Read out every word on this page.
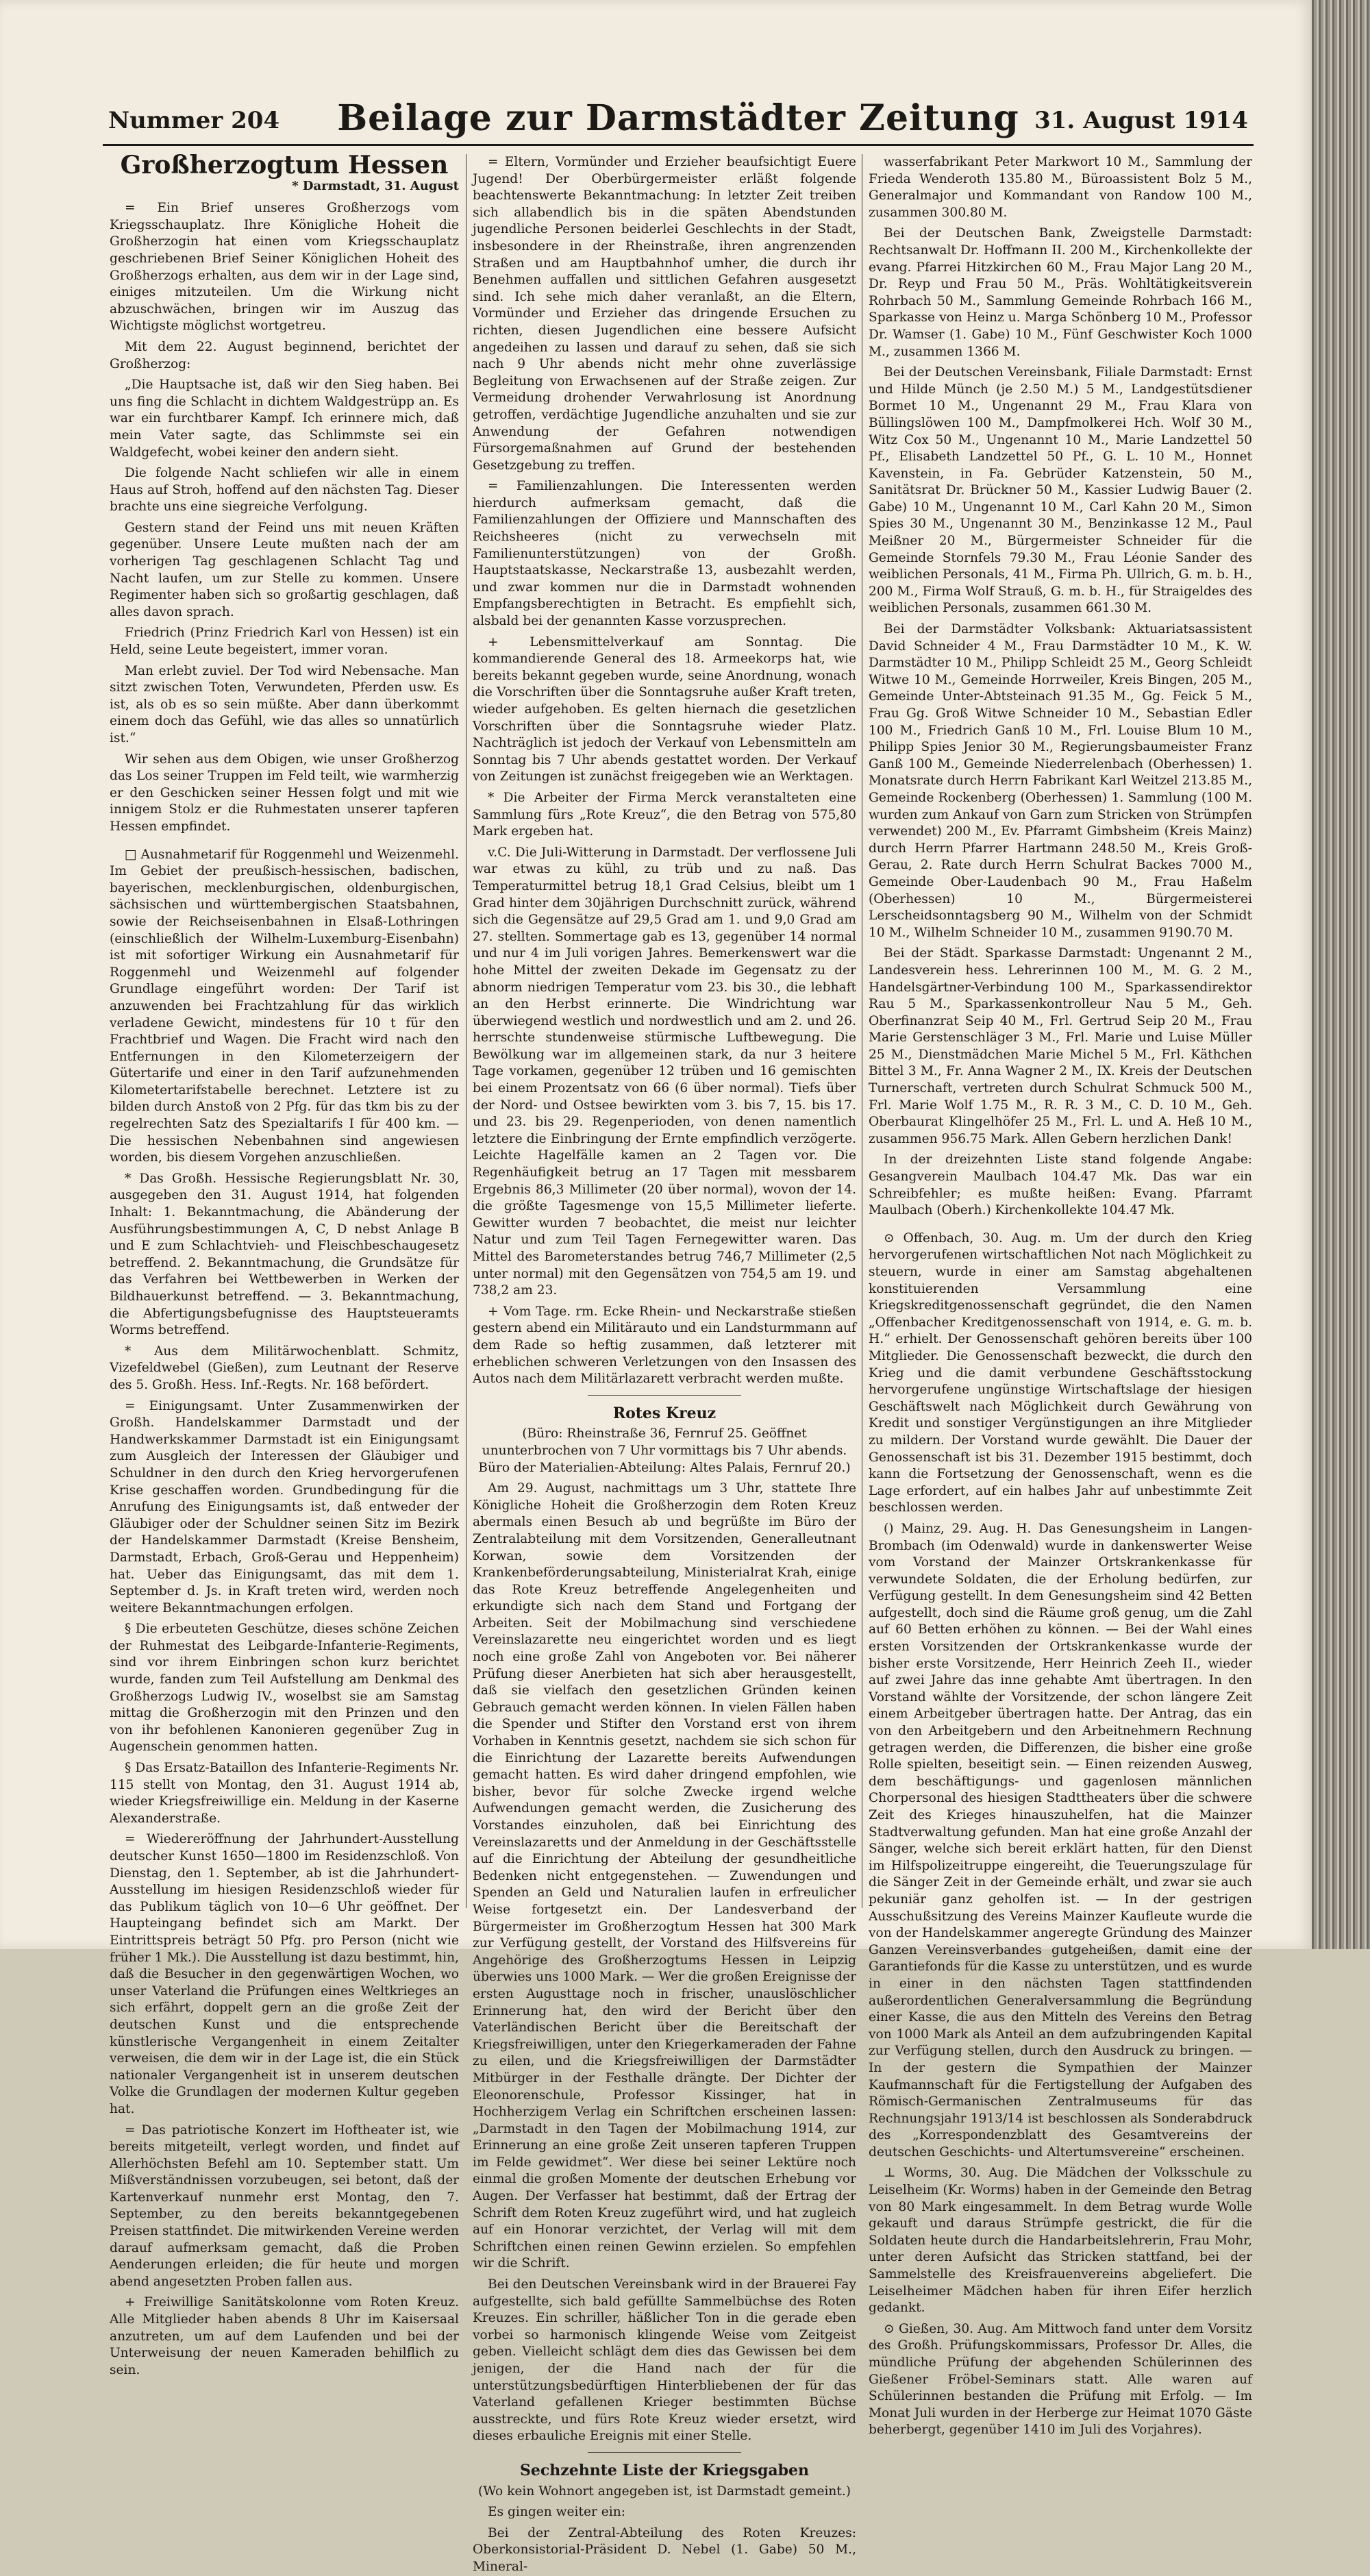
Nummer 204	Beilage zur Darmstädter Zeitung 31. August 1914
Großherzogtum Hessen
* Darmstadt, 31. August

= Ein Brief unseres Großherzogs vom Kriegsschauplatz. Ihre Königliche Hoheit die Großherzogin hat einen vom Kriegsschauplatz geschriebenen Brief Seiner Königlichen Hoheit des Großherzogs erhalten, aus dem wir in der Lage sind, einiges mitzuteilen. Um die Wirkung nicht abzuschwächen, bringen wir im Auszug das Wichtigste möglichst wortgetreu.

Mit dem 22. August beginnend, berichtet der Großherzog:

„Die Hauptsache ist, daß wir den Sieg haben. Bei uns fing die Schlacht in dichtem Waldgestrüpp an. Es war ein furchtbarer Kampf. Ich erinnere mich, daß mein Vater sagte, das Schlimmste sei ein Waldgefecht, wobei keiner den andern sieht.

Die folgende Nacht schliefen wir alle in einem Haus auf Stroh, hoffend auf den nächsten Tag. Dieser brachte uns eine siegreiche Verfolgung.

Gestern stand der Feind uns mit neuen Kräften gegenüber. Unsere Leute mußten nach der am vorherigen Tag geschlagenen Schlacht Tag und Nacht laufen, um zur Stelle zu kommen. Unsere Regimenter haben sich so großartig geschlagen, daß alles davon sprach.

Friedrich (Prinz Friedrich Karl von Hessen) ist ein Held, seine Leute begeistert, immer voran.

Man erlebt zuviel. Der Tod wird Nebensache. Man sitzt zwischen Toten, Verwundeten, Pferden usw. Es ist, als ob es so sein müßte. Aber dann überkommt einem doch das Gefühl, wie das alles so unnatürlich ist.“

Wir sehen aus dem Obigen, wie unser Großherzog das Los seiner Truppen im Feld teilt, wie warmherzig er den Geschicken seiner Hessen folgt und mit wie innigem Stolz er die Ruhmestaten unserer tapferen Hessen empfindet.

□ Ausnahmetarif für Roggenmehl und Weizenmehl. Im Gebiet der preußisch-hessischen, badischen, bayerischen, mecklenburgischen, oldenburgischen, sächsischen und württembergischen Staatsbahnen, sowie der Reichseisenbahnen in Elsaß-Lothringen (einschließlich der Wilhelm-Luxemburg-Eisenbahn) ist mit sofortiger Wirkung ein Ausnahmetarif für Roggenmehl und Weizenmehl auf folgender Grundlage eingeführt worden: Der Tarif ist anzuwenden bei Frachtzahlung für das wirklich verladene Gewicht, mindestens für 10 t für den Frachtbrief und Wagen. Die Fracht wird nach den Entfernungen in den Kilometerzeigern der Gütertarife und einer in den Tarif aufzunehmenden Kilometertarifstabelle berechnet. Letztere ist zu bilden durch Anstoß von 2 Pfg. für das tkm bis zu der regelrechten Satz des Spezialtarifs I für 400 km. — Die hessischen Nebenbahnen sind angewiesen worden, bis diesem Vorgehen anzuschließen.

* Das Großh. Hessische Regierungsblatt Nr. 30, ausgegeben den 31. August 1914, hat folgenden Inhalt: 1. Bekanntmachung, die Abänderung der Ausführungsbestimmungen A, C, D nebst Anlage B und E zum Schlachtvieh- und Fleischbeschaugesetz betreffend. 2. Bekanntmachung, die Grundsätze für das Verfahren bei Wettbewerben in Werken der Bildhauerkunst betreffend. — 3. Bekanntmachung, die Abfertigungsbefugnisse des Hauptsteueramts Worms betreffend.

* Aus dem Militärwochenblatt. Schmitz, Vizefeldwebel (Gießen), zum Leutnant der Reserve des 5. Großh. Hess. Inf.-Regts. Nr. 168 befördert.

= Einigungsamt. Unter Zusammenwirken der Großh. Handelskammer Darmstadt und der Handwerkskammer Darmstadt ist ein Einigungsamt zum Ausgleich der Interessen der Gläubiger und Schuldner in den durch den Krieg hervorgerufenen Krise geschaffen worden. Grundbedingung für die Anrufung des Einigungsamts ist, daß entweder der Gläubiger oder der Schuldner seinen Sitz im Bezirk der Handelskammer Darmstadt (Kreise Bensheim, Darmstadt, Erbach, Groß-Gerau und Heppenheim) hat. Ueber das Einigungsamt, das mit dem 1. September d. Js. in Kraft treten wird, werden noch weitere Bekanntmachungen erfolgen.

§ Die erbeuteten Geschütze, dieses schöne Zeichen der Ruhmestat des Leibgarde-Infanterie-Regiments, sind vor ihrem Einbringen schon kurz berichtet wurde, fanden zum Teil Aufstellung am Denkmal des Großherzogs Ludwig IV., woselbst sie am Samstag mittag die Großherzogin mit den Prinzen und den von ihr befohlenen Kanonieren gegenüber Zug in Augenschein genommen hatten.

§ Das Ersatz-Bataillon des Infanterie-Regiments Nr. 115 stellt von Montag, den 31. August 1914 ab, wieder Kriegsfreiwillige ein. Meldung in der Kaserne Alexanderstraße.

= Wiedereröffnung der Jahrhundert-Ausstellung deutscher Kunst 1650—1800 im Residenzschloß. Von Dienstag, den 1. September, ab ist die Jahrhundert-Ausstellung im hiesigen Residenzschloß wieder für das Publikum täglich von 10—6 Uhr geöffnet. Der Haupteingang befindet sich am Markt. Der Eintrittspreis beträgt 50 Pfg. pro Person (nicht wie früher 1 Mk.). Die Ausstellung ist dazu bestimmt, hin, daß die Besucher in den gegenwärtigen Wochen, wo unser Vaterland die Prüfungen eines Weltkrieges an sich erfährt, doppelt gern an die große Zeit der deutschen Kunst und die entsprechende künstlerische Vergangenheit in einem Zeitalter verweisen, die dem wir in der Lage ist, die ein Stück nationaler Vergangenheit ist in unserem deutschen Volke die Grundlagen der modernen Kultur gegeben hat.

= Das patriotische Konzert im Hoftheater ist, wie bereits mitgeteilt, verlegt worden, und findet auf Allerhöchsten Befehl am 10. September statt. Um Mißverständnissen vorzubeugen, sei betont, daß der Kartenverkauf nunmehr erst Montag, den 7. September, zu den bereits bekanntgegebenen Preisen stattfindet. Die mitwirkenden Vereine werden darauf aufmerksam gemacht, daß die Proben Aenderungen erleiden; die für heute und morgen abend angesetzten Proben fallen aus.

+ Freiwillige Sanitätskolonne vom Roten Kreuz. Alle Mitglieder haben abends 8 Uhr im Kaisersaal anzutreten, um auf dem Laufenden und bei der Unterweisung der neuen Kameraden behilflich zu sein.

= Eltern, Vormünder und Erzieher beaufsichtigt Euere Jugend! Der Oberbürgermeister erläßt folgende beachtenswerte Bekanntmachung: In letzter Zeit treiben sich allabendlich bis in die späten Abendstunden jugendliche Personen beiderlei Geschlechts in der Stadt, insbesondere in der Rheinstraße, ihren angrenzenden Straßen und am Hauptbahnhof umher, die durch ihr Benehmen auffallen und sittlichen Gefahren ausgesetzt sind. Ich sehe mich daher veranlaßt, an die Eltern, Vormünder und Erzieher das dringende Ersuchen zu richten, diesen Jugendlichen eine bessere Aufsicht angedeihen zu lassen und darauf zu sehen, daß sie sich nach 9 Uhr abends nicht mehr ohne zuverlässige Begleitung von Erwachsenen auf der Straße zeigen. Zur Vermeidung drohender Verwahrlosung ist Anordnung getroffen, verdächtige Jugendliche anzuhalten und sie zur Anwendung der Gefahren notwendigen Fürsorgemaßnahmen auf Grund der bestehenden Gesetzgebung zu treffen.

= Familienzahlungen. Die Interessenten werden hierdurch aufmerksam gemacht, daß die Familienzahlungen der Offiziere und Mannschaften des Reichsheeres (nicht zu verwechseln mit Familienunterstützungen) von der Großh. Hauptstaatskasse, Neckarstraße 13, ausbezahlt werden, und zwar kommen nur die in Darmstadt wohnenden Empfangsberechtigten in Betracht. Es empfiehlt sich, alsbald bei der genannten Kasse vorzusprechen.

+ Lebensmittelverkauf am Sonntag. Die kommandierende General des 18. Armeekorps hat, wie bereits bekannt gegeben wurde, seine Anordnung, wonach die Vorschriften über die Sonntagsruhe außer Kraft treten, wieder aufgehoben. Es gelten hiernach die gesetzlichen Vorschriften über die Sonntagsruhe wieder Platz. Nachträglich ist jedoch der Verkauf von Lebensmitteln am Sonntag bis 7 Uhr abends gestattet worden. Der Verkauf von Zeitungen ist zunächst freigegeben wie an Werktagen.

* Die Arbeiter der Firma Merck veranstalteten eine Sammlung fürs „Rote Kreuz“, die den Betrag von 575,80 Mark ergeben hat.

v.C. Die Juli-Witterung in Darmstadt. Der verflossene Juli war etwas zu kühl, zu trüb und zu naß. Das Temperaturmittel betrug 18,1 Grad Celsius, bleibt um 1 Grad hinter dem 30jährigen Durchschnitt zurück, während sich die Gegensätze auf 29,5 Grad am 1. und 9,0 Grad am 27. stellten. Sommertage gab es 13, gegenüber 14 normal und nur 4 im Juli vorigen Jahres. Bemerkenswert war die hohe Mittel der zweiten Dekade im Gegensatz zu der abnorm niedrigen Temperatur vom 23. bis 30., die lebhaft an den Herbst erinnerte. Die Windrichtung war überwiegend westlich und nordwestlich und am 2. und 26. herrschte stundenweise stürmische Luftbewegung. Die Bewölkung war im allgemeinen stark, da nur 3 heitere Tage vorkamen, gegenüber 12 trüben und 16 gemischten bei einem Prozentsatz von 66 (6 über normal). Tiefs über der Nord- und Ostsee bewirkten vom 3. bis 7, 15. bis 17. und 23. bis 29. Regenperioden, von denen namentlich letztere die Einbringung der Ernte empfindlich verzögerte. Leichte Hagelfälle kamen an 2 Tagen vor. Die Regenhäufigkeit betrug an 17 Tagen mit messbarem Ergebnis 86,3 Millimeter (20 über normal), wovon der 14. die größte Tagesmenge von 15,5 Millimeter lieferte. Gewitter wurden 7 beobachtet, die meist nur leichter Natur und zum Teil Tagen Fernegewitter waren. Das Mittel des Barometerstandes betrug 746,7 Millimeter (2,5 unter normal) mit den Gegensätzen von 754,5 am 19. und 738,2 am 23.

+ Vom Tage. rm. Ecke Rhein- und Neckarstraße stießen gestern abend ein Militärauto und ein Landsturmmann auf dem Rade so heftig zusammen, daß letzterer mit erheblichen schweren Verletzungen von den Insassen des Autos nach dem Militärlazarett verbracht werden mußte.

Rotes Kreuz
(Büro: Rheinstraße 36, Fernruf 25. Geöffnet ununterbrochen von 7 Uhr vormittags bis 7 Uhr abends. Büro der Materialien-Abteilung: Altes Palais, Fernruf 20.)

Am 29. August, nachmittags um 3 Uhr, stattete Ihre Königliche Hoheit die Großherzogin dem Roten Kreuz abermals einen Besuch ab und begrüßte im Büro der Zentralabteilung mit dem Vorsitzenden, Generalleutnant Korwan, sowie dem Vorsitzenden der Krankenbeförderungsabteilung, Ministerialrat Krah, einige das Rote Kreuz betreffende Angelegenheiten und erkundigte sich nach dem Stand und Fortgang der Arbeiten. Seit der Mobilmachung sind verschiedene Vereinslazarette neu eingerichtet worden und es liegt noch eine große Zahl von Angeboten vor. Bei näherer Prüfung dieser Anerbieten hat sich aber herausgestellt, daß sie vielfach den gesetzlichen Gründen keinen Gebrauch gemacht werden können. In vielen Fällen haben die Spender und Stifter den Vorstand erst von ihrem Vorhaben in Kenntnis gesetzt, nachdem sie sich schon für die Einrichtung der Lazarette bereits Aufwendungen gemacht hatten. Es wird daher dringend empfohlen, wie bisher, bevor für solche Zwecke irgend welche Aufwendungen gemacht werden, die Zusicherung des Vorstandes einzuholen, daß bei Einrichtung des Vereinslazaretts und der Anmeldung in der Geschäftsstelle auf die Einrichtung der Abteilung der gesundheitliche Bedenken nicht entgegenstehen. — Zuwendungen und Spenden an Geld und Naturalien laufen in erfreulicher Weise fortgesetzt ein. Der Landesverband der Bürgermeister im Großherzogtum Hessen hat 300 Mark zur Verfügung gestellt, der Vorstand des Hilfsvereins für Angehörige des Großherzogtums Hessen in Leipzig überwies uns 1000 Mark. — Wer die großen Ereignisse der ersten Augusttage noch in frischer, unauslöschlicher Erinnerung hat, den wird der Bericht über den Vaterländischen Bericht über die Bereitschaft der Kriegsfreiwilligen, unter den Kriegerkameraden der Fahne zu eilen, und die Kriegsfreiwilligen der Darmstädter Mitbürger in der Festhalle drängte. Der Dichter der Eleonorenschule, Professor Kissinger, hat in Hochherzigem Verlag ein Schriftchen erscheinen lassen: „Darmstadt in den Tagen der Mobilmachung 1914, zur Erinnerung an eine große Zeit unseren tapferen Truppen im Felde gewidmet“. Wer diese bei seiner Lektüre noch einmal die großen Momente der deutschen Erhebung vor Augen. Der Verfasser hat bestimmt, daß der Ertrag der Schrift dem Roten Kreuz zugeführt wird, und hat zugleich auf ein Honorar verzichtet, der Verlag will mit dem Schriftchen einen reinen Gewinn erzielen. So empfehlen wir die Schrift.

Bei den Deutschen Vereinsbank wird in der Brauerei Fay aufgestellte, sich bald gefüllte Sammelbüchse des Roten Kreuzes. Ein schriller, häßlicher Ton in die gerade eben vorbei so harmonisch klingende Weise vom Zeitgeist geben. Vielleicht schlägt dem dies das Gewissen bei dem jenigen, der die Hand nach der für die unterstützungsbedürftigen Hinterbliebenen der für das Vaterland gefallenen Krieger bestimmten Büchse ausstreckte, und fürs Rote Kreuz wieder ersetzt, wird dieses erbauliche Ereignis mit einer Stelle.

Sechzehnte Liste der Kriegsgaben
(Wo kein Wohnort angegeben ist, ist Darmstadt gemeint.)

Es gingen weiter ein:

Bei der Zentral-Abteilung des Roten Kreuzes: Oberkonsistorial-Präsident D. Nebel (1. Gabe) 50 M., Mineral-

wasserfabrikant Peter Markwort 10 M., Sammlung der Frieda Wenderoth 135.80 M., Büroassistent Bolz 5 M., Generalmajor und Kommandant von Randow 100 M., zusammen 300.80 M.

Bei der Deutschen Bank, Zweigstelle Darmstadt: Rechtsanwalt Dr. Hoffmann II. 200 M., Kirchenkollekte der evang. Pfarrei Hitzkirchen 60 M., Frau Major Lang 20 M., Dr. Reyp und Frau 50 M., Präs. Wohltätigkeitsverein Rohrbach 50 M., Sammlung Gemeinde Rohrbach 166 M., Sparkasse von Heinz u. Marga Schönberg 10 M., Professor Dr. Wamser (1. Gabe) 10 M., Fünf Geschwister Koch 1000 M., zusammen 1366 M.

Bei der Deutschen Vereinsbank, Filiale Darmstadt: Ernst und Hilde Münch (je 2.50 M.) 5 M., Landgestütsdiener Bormet 10 M., Ungenannt 29 M., Frau Klara von Büllingslöwen 100 M., Dampfmolkerei Hch. Wolf 30 M., Witz Cox 50 M., Ungenannt 10 M., Marie Landzettel 50 Pf., Elisabeth Landzettel 50 Pf., G. L. 10 M., Honnet Kavenstein, in Fa. Gebrüder Katzenstein, 50 M., Sanitätsrat Dr. Brückner 50 M., Kassier Ludwig Bauer (2. Gabe) 10 M., Ungenannt 10 M., Carl Kahn 20 M., Simon Spies 30 M., Ungenannt 30 M., Benzinkasse 12 M., Paul Meißner 20 M., Bürgermeister Schneider für die Gemeinde Stornfels 79.30 M., Frau Léonie Sander des weiblichen Personals, 41 M., Firma Ph. Ullrich, G. m. b. H., 200 M., Firma Wolf Strauß, G. m. b. H., für Straigeldes des weiblichen Personals, zusammen 661.30 M.

Bei der Darmstädter Volksbank: Aktuariatsassistent David Schneider 4 M., Frau Darmstädter 10 M., K. W. Darmstädter 10 M., Philipp Schleidt 25 M., Georg Schleidt Witwe 10 M., Gemeinde Horrweiler, Kreis Bingen, 205 M., Gemeinde Unter-Abtsteinach 91.35 M., Gg. Feick 5 M., Frau Gg. Groß Witwe Schneider 10 M., Sebastian Edler 100 M., Friedrich Ganß 10 M., Frl. Louise Blum 10 M., Philipp Spies Jenior 30 M., Regierungsbaumeister Franz Ganß 100 M., Gemeinde Niederrelenbach (Oberhessen) 1. Monatsrate durch Herrn Fabrikant Karl Weitzel 213.85 M., Gemeinde Rockenberg (Oberhessen) 1. Sammlung (100 M. wurden zum Ankauf von Garn zum Stricken von Strümpfen verwendet) 200 M., Ev. Pfarramt Gimbsheim (Kreis Mainz) durch Herrn Pfarrer Hartmann 248.50 M., Kreis Groß-Gerau, 2. Rate durch Herrn Schulrat Backes 7000 M., Gemeinde Ober-Laudenbach 90 M., Frau Haßelm (Oberhessen) 10 M., Bürgermeisterei Lerscheidsonntagsberg 90 M., Wilhelm von der Schmidt 10 M., Wilhelm Schneider 10 M., zusammen 9190.70 M.

Bei der Städt. Sparkasse Darmstadt: Ungenannt 2 M., Landesverein hess. Lehrerinnen 100 M., M. G. 2 M., Handelsgärtner-Verbindung 100 M., Sparkassendirektor Rau 5 M., Sparkassenkontrolleur Nau 5 M., Geh. Oberfinanzrat Seip 40 M., Frl. Gertrud Seip 20 M., Frau Marie Gerstenschläger 3 M., Frl. Marie und Luise Müller 25 M., Dienstmädchen Marie Michel 5 M., Frl. Käthchen Bittel 3 M., Fr. Anna Wagner 2 M., IX. Kreis der Deutschen Turnerschaft, vertreten durch Schulrat Schmuck 500 M., Frl. Marie Wolf 1.75 M., R. R. 3 M., C. D. 10 M., Geh. Oberbaurat Klingelhöfer 25 M., Frl. L. und A. Heß 10 M., zusammen 956.75 Mark. Allen Gebern herzlichen Dank!

In der dreizehnten Liste stand folgende Angabe: Gesangverein Maulbach 104.47 Mk. Das war ein Schreibfehler; es mußte heißen: Evang. Pfarramt Maulbach (Oberh.) Kirchenkollekte 104.47 Mk.

⊙ Offenbach, 30. Aug. m. Um der durch den Krieg hervorgerufenen wirtschaftlichen Not nach Möglichkeit zu steuern, wurde in einer am Samstag abgehaltenen konstituierenden Versammlung eine Kriegskreditgenossenschaft gegründet, die den Namen „Offenbacher Kreditgenossenschaft von 1914, e. G. m. b. H.“ erhielt. Der Genossenschaft gehören bereits über 100 Mitglieder. Die Genossenschaft bezweckt, die durch den Krieg und die damit verbundene Geschäftsstockung hervorgerufene ungünstige Wirtschaftslage der hiesigen Geschäftswelt nach Möglichkeit durch Gewährung von Kredit und sonstiger Vergünstigungen an ihre Mitglieder zu mildern. Der Vorstand wurde gewählt. Die Dauer der Genossenschaft ist bis 31. Dezember 1915 bestimmt, doch kann die Fortsetzung der Genossenschaft, wenn es die Lage erfordert, auf ein halbes Jahr auf unbestimmte Zeit beschlossen werden.

() Mainz, 29. Aug. H. Das Genesungsheim in Langen-Brombach (im Odenwald) wurde in dankenswerter Weise vom Vorstand der Mainzer Ortskrankenkasse für verwundete Soldaten, die der Erholung bedürfen, zur Verfügung gestellt. In dem Genesungsheim sind 42 Betten aufgestellt, doch sind die Räume groß genug, um die Zahl auf 60 Betten erhöhen zu können. — Bei der Wahl eines ersten Vorsitzenden der Ortskrankenkasse wurde der bisher erste Vorsitzende, Herr Heinrich Zeeh II., wieder auf zwei Jahre das inne gehabte Amt übertragen. In den Vorstand wählte der Vorsitzende, der schon längere Zeit einem Arbeitgeber übertragen hatte. Der Antrag, das ein von den Arbeitgebern und den Arbeitnehmern Rechnung getragen werden, die Differenzen, die bisher eine große Rolle spielten, beseitigt sein. — Einen reizenden Ausweg, dem beschäftigungs- und gagenlosen männlichen Chorpersonal des hiesigen Stadttheaters über die schwere Zeit des Krieges hinauszuhelfen, hat die Mainzer Stadtverwaltung gefunden. Man hat eine große Anzahl der Sänger, welche sich bereit erklärt hatten, für den Dienst im Hilfspolizeitruppe eingereiht, die Teuerungszulage für die Sänger Zeit in der Gemeinde erhält, und zwar sie auch pekuniär ganz geholfen ist. — In der gestrigen Ausschußsitzung des Vereins Mainzer Kaufleute wurde die von der Handelskammer angeregte Gründung des Mainzer Ganzen Vereinsverbandes gutgeheißen, damit eine der Garantiefonds für die Kasse zu unterstützen, und es wurde in einer in den nächsten Tagen stattfindenden außerordentlichen Generalversammlung die Begründung einer Kasse, die aus den Mitteln des Vereins den Betrag von 1000 Mark als Anteil an dem aufzubringenden Kapital zur Verfügung stellen, durch den Ausdruck zu bringen. — In der gestern die Sympathien der Mainzer Kaufmannschaft für die Fertigstellung der Aufgaben des Römisch-Germanischen Zentralmuseums für das Rechnungsjahr 1913/14 ist beschlossen als Sonderabdruck des „Korrespondenzblatt des Gesamtvereins der deutschen Geschichts- und Altertumsvereine“ erscheinen.

⊥ Worms, 30. Aug. Die Mädchen der Volksschule zu Leiselheim (Kr. Worms) haben in der Gemeinde den Betrag von 80 Mark eingesammelt. In dem Betrag wurde Wolle gekauft und daraus Strümpfe gestrickt, die für die Soldaten heute durch die Handarbeitslehrerin, Frau Mohr, unter deren Aufsicht das Stricken stattfand, bei der Sammelstelle des Kreisfrauenvereins abgeliefert. Die Leiselheimer Mädchen haben für ihren Eifer herzlich gedankt.

⊙ Gießen, 30. Aug. Am Mittwoch fand unter dem Vorsitz des Großh. Prüfungskommissars, Professor Dr. Alles, die mündliche Prüfung der abgehenden Schülerinnen des Gießener Fröbel-Seminars statt. Alle waren auf Schülerinnen bestanden die Prüfung mit Erfolg. — Im Monat Juli wurden in der Herberge zur Heimat 1070 Gäste beherbergt, gegenüber 1410 im Juli des Vorjahres).
